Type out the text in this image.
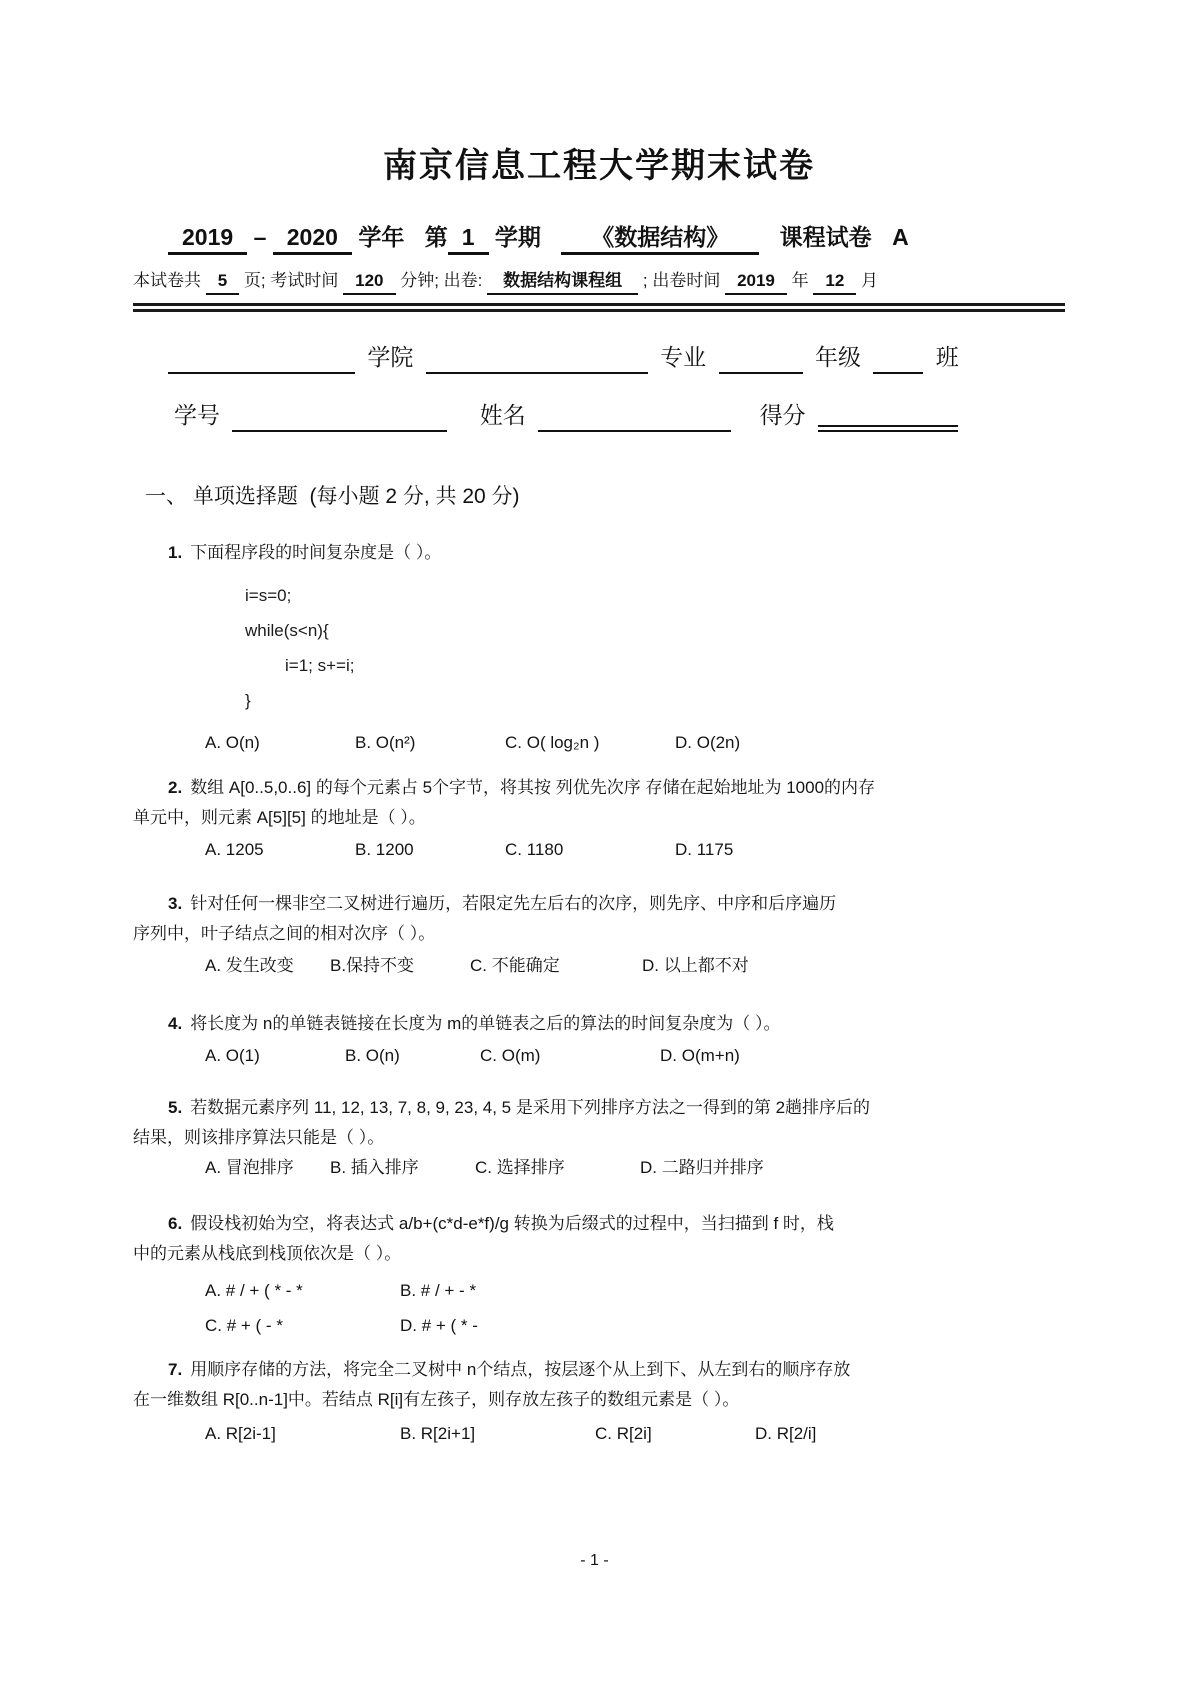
南京信息工程大学期末试卷
2019 – 2020 学年 第 1 学期 《数据结构》 课程试卷 A
本试卷共 5 页; 考试时间 120 分钟; 出卷: 数据结构课程组 ; 出卷时间 2019 年 12 月
学院	专业	年级	班
学号	姓名	得分
一、 单项选择题 (每小题 2 分, 共 20 分)
1. 下面程序段的时间复杂度是（ ）。
i=s=0;
while(s<n){
i=1; s+=i;
}
A. O(n)	B. O(n²)	C. O( log₂n )	D. O(2n)
2. 数组 A[0..5,0..6] 的每个元素占 5个字节，将其按 列优先次序 存储在起始地址为 1000的内存
单元中，则元素 A[5][5] 的地址是（ ）。
A. 1205	B. 1200	C. 1180	D. 1175
3. 针对任何一棵非空二叉树进行遍历，若限定先左后右的次序，则先序、中序和后序遍历
序列中，叶子结点之间的相对次序（ ）。
A. 发生改变	B.保持不变	C. 不能确定	D. 以上都不对
4. 将长度为 n的单链表链接在长度为 m的单链表之后的算法的时间复杂度为（ ）。
A. O(1)	B. O(n)	C. O(m)	D. O(m+n)
5. 若数据元素序列 11, 12, 13, 7, 8, 9, 23, 4, 5 是采用下列排序方法之一得到的第 2趟排序后的
结果，则该排序算法只能是（ ）。
A. 冒泡排序	B. 插入排序	C. 选择排序	D. 二路归并排序
6. 假设栈初始为空，将表达式 a/b+(c*d-e*f)/g 转换为后缀式的过程中，当扫描到 f 时，栈
中的元素从栈底到栈顶依次是（ ）。
A. # / + ( * - *	B. # / + - *
C. # + ( - *	D. # + ( * -
7. 用顺序存储的方法，将完全二叉树中 n个结点，按层逐个从上到下、从左到右的顺序存放
在一维数组 R[0..n-1]中。若结点 R[i]有左孩子，则存放左孩子的数组元素是（ ）。
A. R[2i-1]	B. R[2i+1]	C. R[2i]	D. R[2/i]
- 1 -
